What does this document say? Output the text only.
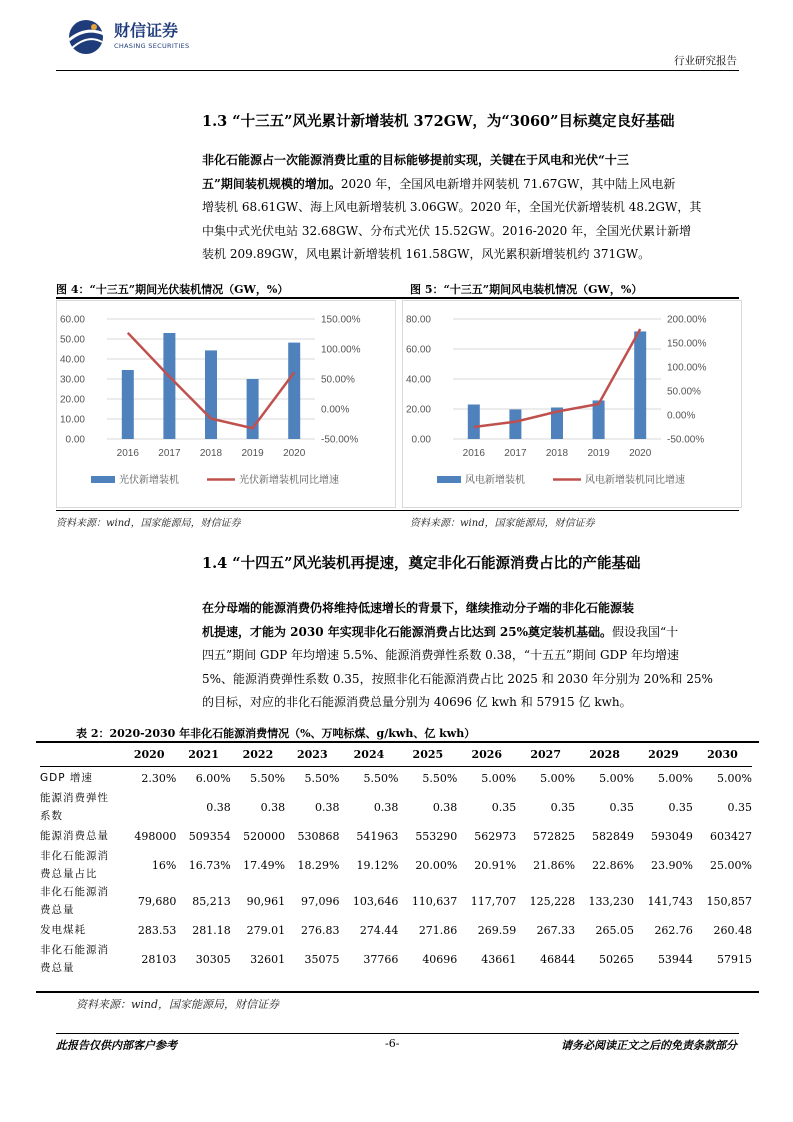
财信证券
CHASING SECURITIES
行业研究报告
1.3 “十三五”风光累计新增装机 372GW，为“3060”目标奠定良好基础
非化石能源占一次能源消费比重的目标能够提前实现，关键在于风电和光伏“十三
五”期间装机规模的增加。2020 年，全国风电新增并网装机 71.67GW，其中陆上风电新
增装机 68.61GW、海上风电新增装机 3.06GW。2020 年，全国光伏新增装机 48.2GW，其
中集中式光伏电站 32.68GW、分布式光伏 15.52GW。2016-2020 年，全国光伏累计新增
装机 209.89GW，风电累计新增装机 161.58GW，风光累积新增装机约 371GW。
图 4：“十三五”期间光伏装机情况（GW，%）	图 5：“十三五”期间风电装机情况（GW，%）
60.00
50.00
40.00
30.00
20.00
10.00
0.00
150.00%
100.00%
50.00%
0.00%
-50.00%
2016 2017 2018 2019 2020
光伏新增装机	光伏新增装机同比增速
80.00
60.00
40.00
20.00
0.00
200.00%
150.00%
100.00%
50.00%
0.00%
-50.00%
2016 2017 2018 2019 2020
风电新增装机	风电新增装机同比增速
资料来源：wind，国家能源局，财信证券	资料来源：wind，国家能源局，财信证券
1.4 “十四五”风光装机再提速，奠定非化石能源消费占比的产能基础
在分母端的能源消费仍将维持低速增长的背景下，继续推动分子端的非化石能源装
机提速，才能为 2030 年实现非化石能源消费占比达到 25%奠定装机基础。假设我国“十
四五”期间 GDP 年均增速 5.5%、能源消费弹性系数 0.38，“十五五”期间 GDP 年均增速
5%、能源消费弹性系数 0.35，按照非化石能源消费占比 2025 和 2030 年分别为 20%和 25%
的目标，对应的非化石能源消费总量分别为 40696 亿 kwh 和 57915 亿 kwh。
表 2：2020-2030 年非化石能源消费情况（%、万吨标煤、g/kwh、亿 kwh）
	2020	2021	2022	2023	2024	2025	2026	2027	2028	2029	2030

GDP 增速	2.30%	6.00%	5.50%	5.50%	5.50%	5.50%	5.00%	5.00%	5.00%	5.00%	5.00%

能源消费弹性
系数		0.38	0.38	0.38	0.38	0.38	0.35	0.35	0.35	0.35	0.35

能源消费总量	498000	509354	520000	530868	541963	553290	562973	572825	582849	593049	603427

非化石能源消
费总量占比	16%	16.73%	17.49%	18.29%	19.12%	20.00%	20.91%	21.86%	22.86%	23.90%	25.00%

非化石能源消
费总量	79,680	85,213	90,961	97,096	103,646	110,637	117,707	125,228	133,230	141,743	150,857

发电煤耗	283.53	281.18	279.01	276.83	274.44	271.86	269.59	267.33	265.05	262.76	260.48

非化石能源消
费总量	28103	30305	32601	35075	37766	40696	43661	46844	50265	53944	57915
资料来源：wind，国家能源局，财信证券
此报告仅供内部客户参考	-6-	请务必阅读正文之后的免责条款部分
